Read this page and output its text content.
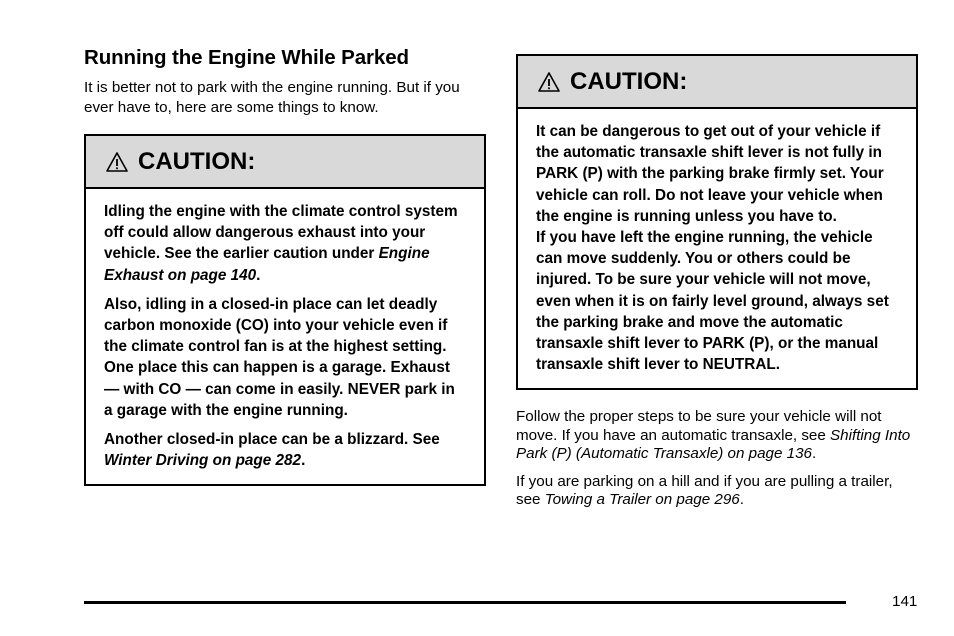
Running the Engine While Parked

It is better not to park with the engine running. But if you ever have to, here are some things to know.

CAUTION:

Idling the engine with the climate control system off could allow dangerous exhaust into your vehicle. See the earlier caution under Engine Exhaust on page 140.

Also, idling in a closed-in place can let deadly carbon monoxide (CO) into your vehicle even if the climate control fan is at the highest setting. One place this can happen is a garage. Exhaust — with CO — can come in easily. NEVER park in a garage with the engine running.

Another closed-in place can be a blizzard. See Winter Driving on page 282.

CAUTION:

It can be dangerous to get out of your vehicle if the automatic transaxle shift lever is not fully in PARK (P) with the parking brake firmly set. Your vehicle can roll. Do not leave your vehicle when the engine is running unless you have to.

If you have left the engine running, the vehicle can move suddenly. You or others could be injured. To be sure your vehicle will not move, even when it is on fairly level ground, always set the parking brake and move the automatic transaxle shift lever to PARK (P), or the manual transaxle shift lever to NEUTRAL.

Follow the proper steps to be sure your vehicle will not move. If you have an automatic transaxle, see Shifting Into Park (P) (Automatic Transaxle) on page 136.

If you are parking on a hill and if you are pulling a trailer, see Towing a Trailer on page 296.

141
